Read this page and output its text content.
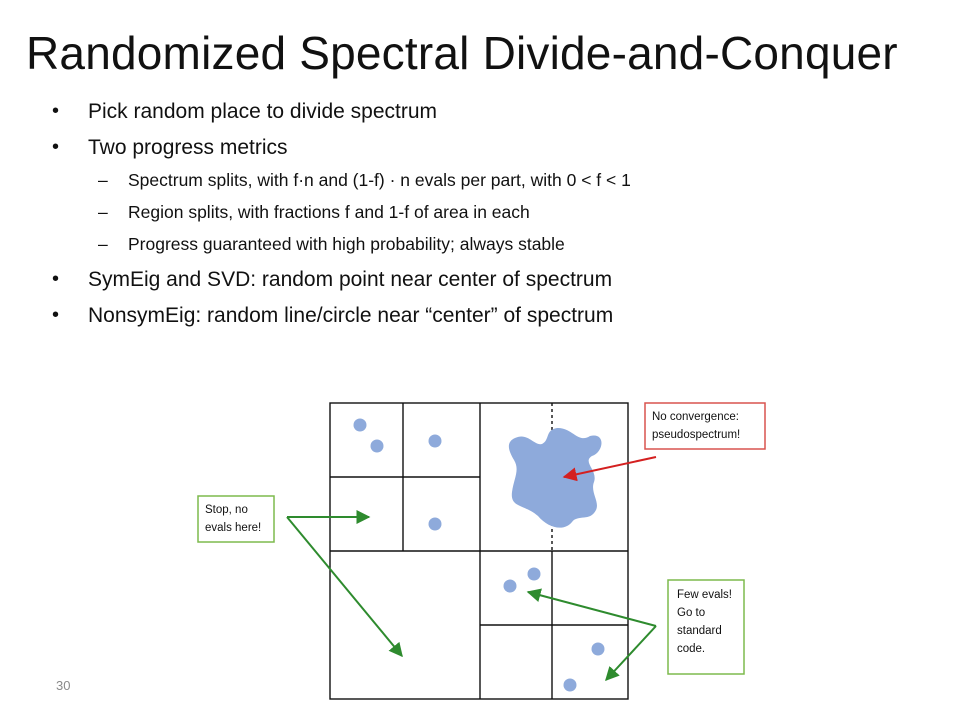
Randomized Spectral Divide-and-Conquer
• Pick random place to divide spectrum
• Two progress metrics
– Spectrum splits, with f·n and (1-f) · n evals per part, with 0 < f < 1
– Region splits, with fractions f and 1-f of area in each
– Progress guaranteed with high probability; always stable
• SymEig and SVD: random point near center of spectrum
• NonsymEig: random line/circle near “center” of spectrum
No convergence:
pseudospectrum!
Stop, no
evals here!
Few evals!
Go to
standard
code.
30
